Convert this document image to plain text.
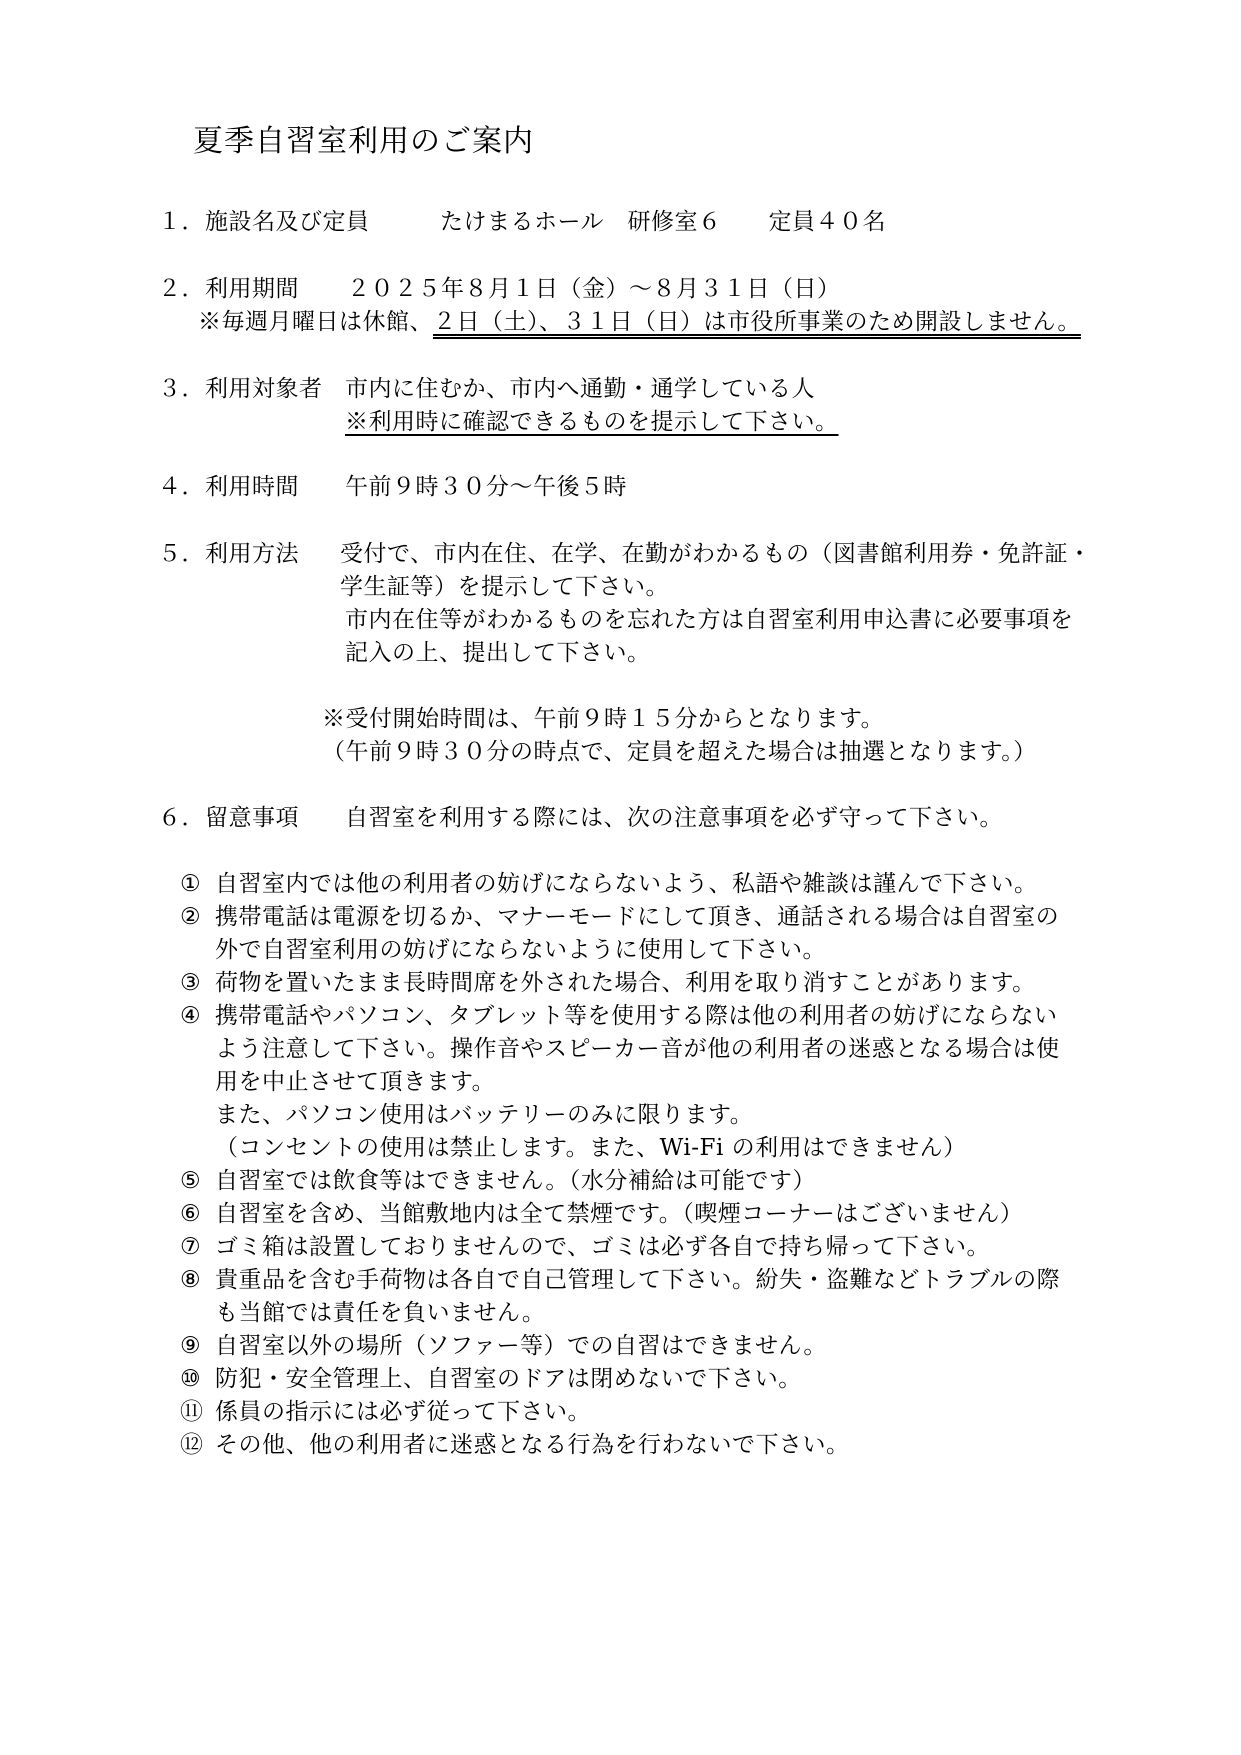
夏季自習室利用のご案内
１．施設名及び定員	たけまるホール　研修室６　　定員４０名
２．利用期間 ２０２５年８月１日（金）～８月３１日（日）
※毎週月曜日は休館、２日（土）、３１日（日）は市役所事業のため開設しません。
３．利用対象者 市内に住むか、市内へ通勤・通学している人
※利用時に確認できるものを提示して下さい。
４．利用時間 午前９時３０分～午後５時
５．利用方法 受付で、市内在住、在学、在勤がわかるもの（図書館利用券・免許証・
学生証等）を提示して下さい。
市内在住等がわかるものを忘れた方は自習室利用申込書に必要事項を
記入の上、提出して下さい。
※受付開始時間は、午前９時１５分からとなります。
（午前９時３０分の時点で、定員を超えた場合は抽選となります。）
６．留意事項 自習室を利用する際には、次の注意事項を必ず守って下さい。
① 自習室内では他の利用者の妨げにならないよう、私語や雑談は謹んで下さい。
② 携帯電話は電源を切るか、マナーモードにして頂き、通話される場合は自習室の
外で自習室利用の妨げにならないように使用して下さい。
③ 荷物を置いたまま長時間席を外された場合、利用を取り消すことがあります。
④ 携帯電話やパソコン、タブレット等を使用する際は他の利用者の妨げにならない
よう注意して下さい。操作音やスピーカー音が他の利用者の迷惑となる場合は使
用を中止させて頂きます。
また、パソコン使用はバッテリーのみに限ります。
（コンセントの使用は禁止します。また、Wi-Fi の利用はできません）
⑤ 自習室では飲食等はできません。（水分補給は可能です）
⑥ 自習室を含め、当館敷地内は全て禁煙です。（喫煙コーナーはございません）
⑦ ゴミ箱は設置しておりませんので、ゴミは必ず各自で持ち帰って下さい。
⑧ 貴重品を含む手荷物は各自で自己管理して下さい。紛失・盗難などトラブルの際
も当館では責任を負いません。
⑨ 自習室以外の場所（ソファー等）での自習はできません。
⑩ 防犯・安全管理上、自習室のドアは閉めないで下さい。
⑪ 係員の指示には必ず従って下さい。
⑫ その他、他の利用者に迷惑となる行為を行わないで下さい。
